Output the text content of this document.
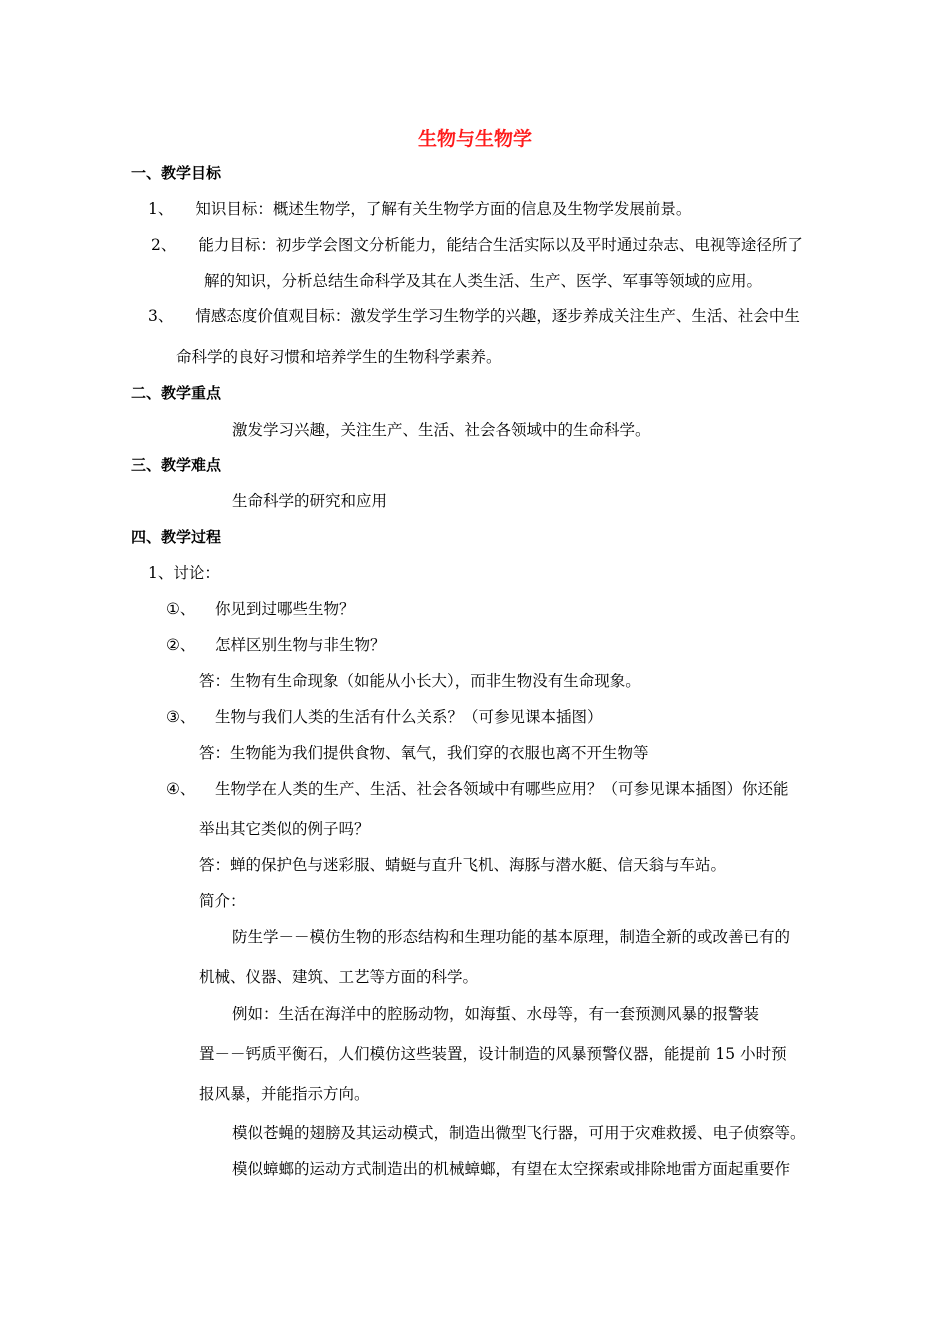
生物与生物学
一、教学目标
1、 知识目标：概述生物学，了解有关生物学方面的信息及生物学发展前景。
2、 能力目标：初步学会图文分析能力，能结合生活实际以及平时通过杂志、电视等途径所了
解的知识，分析总结生命科学及其在人类生活、生产、医学、军事等领域的应用。
3、 情感态度价值观目标：激发学生学习生物学的兴趣，逐步养成关注生产、生活、社会中生
命科学的良好习惯和培养学生的生物科学素养。
二、教学重点
激发学习兴趣，关注生产、生活、社会各领域中的生命科学。
三、教学难点
生命科学的研究和应用
四、教学过程
1、讨论：
①、 你见到过哪些生物？
②、 怎样区别生物与非生物？
答：生物有生命现象（如能从小长大），而非生物没有生命现象。
③、 生物与我们人类的生活有什么关系？（可参见课本插图）
答：生物能为我们提供食物、氧气，我们穿的衣服也离不开生物等
④、 生物学在人类的生产、生活、社会各领域中有哪些应用？（可参见课本插图）你还能
举出其它类似的例子吗？
答：蝉的保护色与迷彩服、蜻蜓与直升飞机、海豚与潜水艇、信天翁与车站。
简介：
防生学－－模仿生物的形态结构和生理功能的基本原理，制造全新的或改善已有的
机械、仪器、建筑、工艺等方面的科学。
例如：生活在海洋中的腔肠动物，如海蜇、水母等，有一套预测风暴的报警装
置－－钙质平衡石，人们模仿这些装置，设计制造的风暴预警仪器，能提前 15 小时预
报风暴，并能指示方向。
模似苍蝇的翅膀及其运动模式，制造出微型飞行器，可用于灾难救援、电子侦察等。
模似蟑螂的运动方式制造出的机械蟑螂，有望在太空探索或排除地雷方面起重要作
